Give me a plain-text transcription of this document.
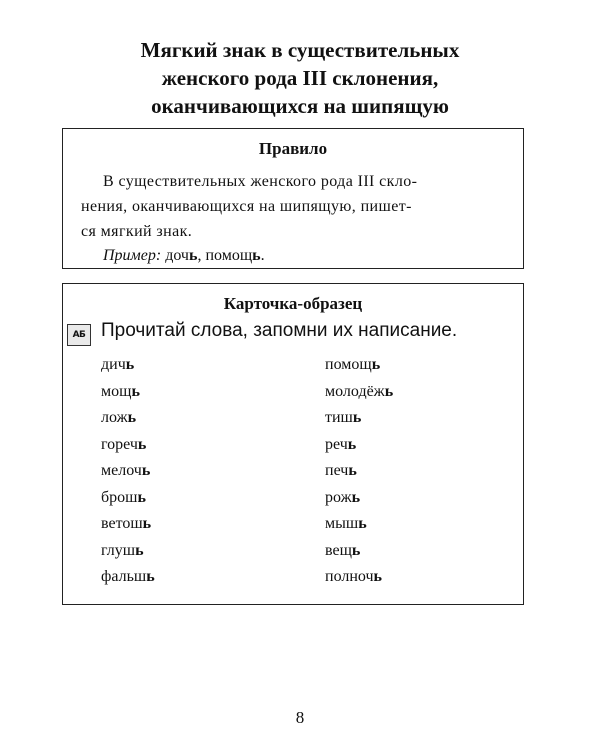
Мягкий знак в существительных
женского рода III склонения,
оканчивающихся на шипящую
Правило
В существительных женского рода III скло-
нения, оканчивающихся на шипящую, пишет-
ся мягкий знак.
Пример: дочь, помощь.
Карточка-образец
АБ Прочитай слова, запомни их написание.
дичь
мощь
ложь
горечь
мелочь
брошь
ветошь
глушь
фальшь
помощь
молодёжь
тишь
речь
печь
рожь
мышь
вещь
полночь
8
